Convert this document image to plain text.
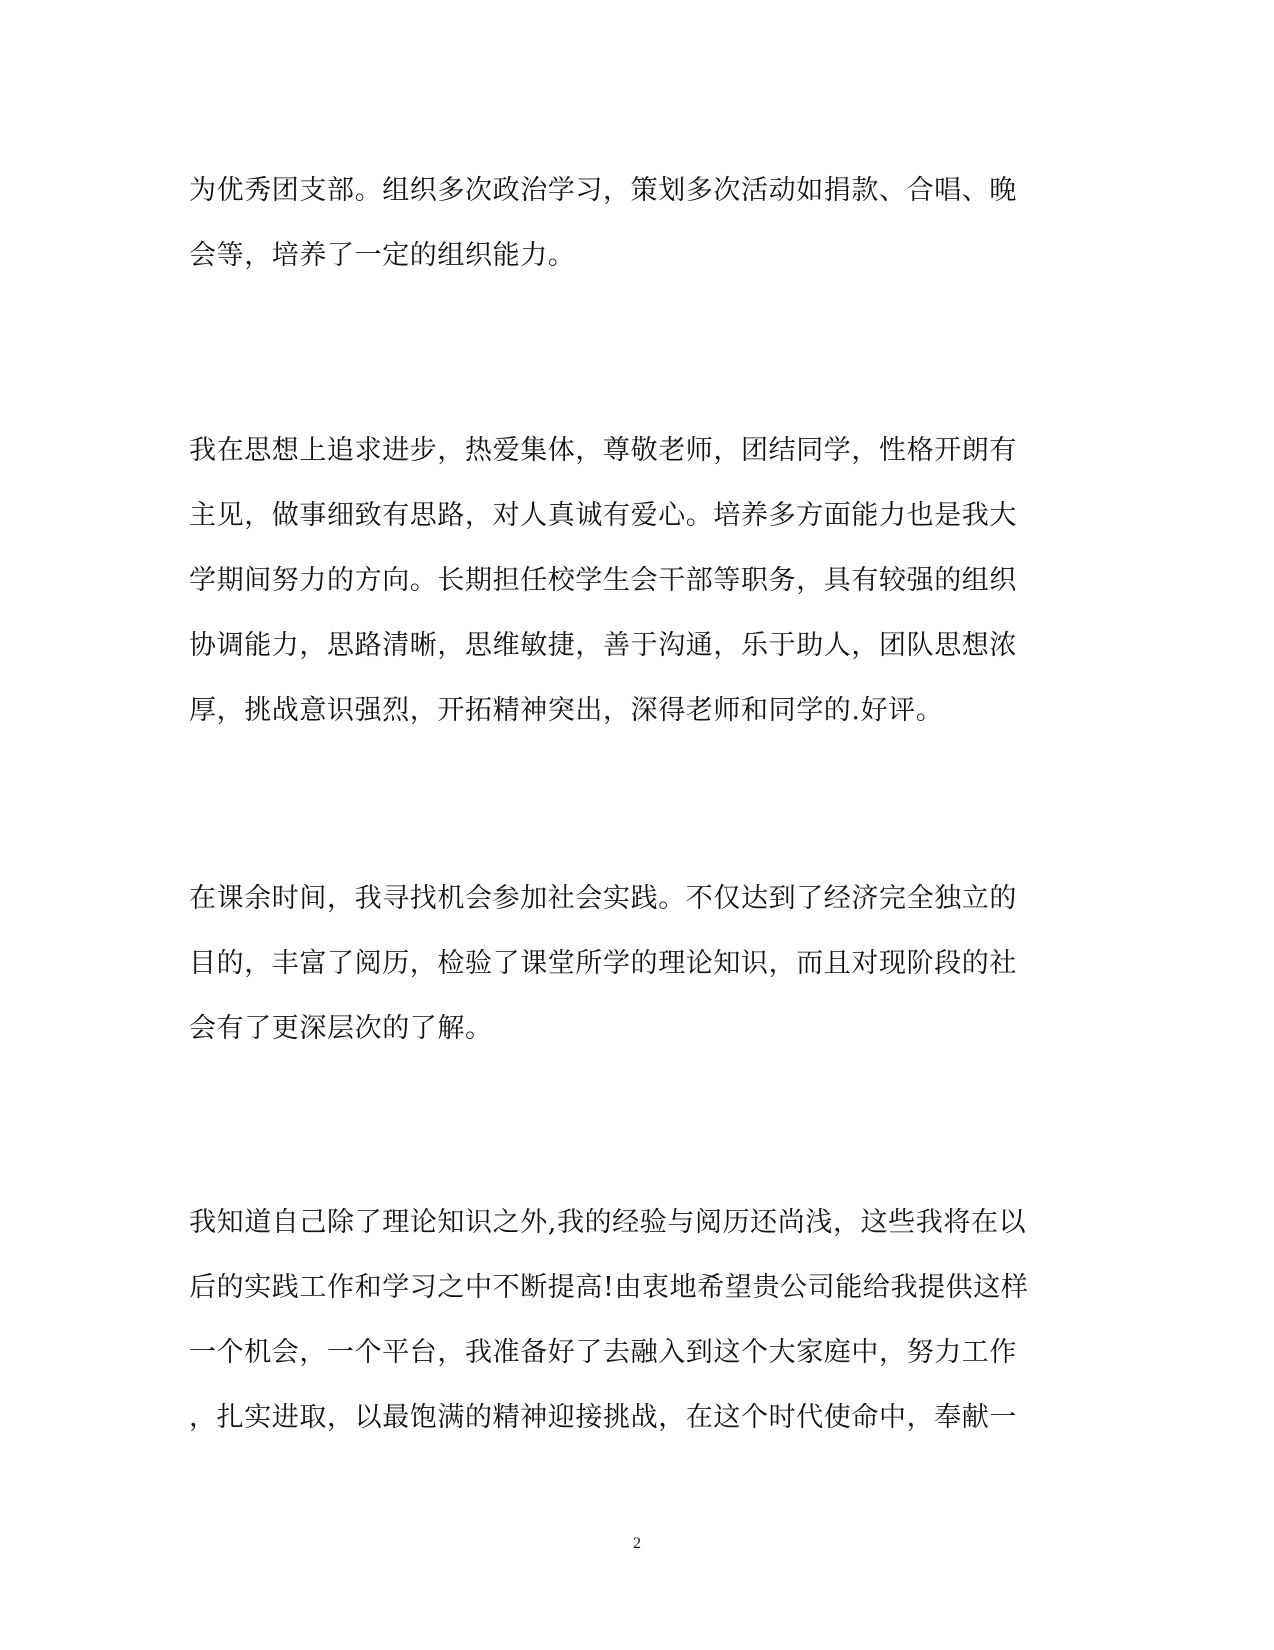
为优秀团支部。组织多次政治学习，策划多次活动如捐款、合唱、晚
会等，培养了一定的组织能力。
我在思想上追求进步，热爱集体，尊敬老师，团结同学，性格开朗有
主见，做事细致有思路，对人真诚有爱心。培养多方面能力也是我大
学期间努力的方向。长期担任校学生会干部等职务，具有较强的组织
协调能力，思路清晰，思维敏捷，善于沟通，乐于助人，团队思想浓
厚，挑战意识强烈，开拓精神突出，深得老师和同学的.好评。
在课余时间，我寻找机会参加社会实践。不仅达到了经济完全独立的
目的，丰富了阅历，检验了课堂所学的理论知识，而且对现阶段的社
会有了更深层次的了解。
我知道自己除了理论知识之外,我的经验与阅历还尚浅，这些我将在以
后的实践工作和学习之中不断提高!由衷地希望贵公司能给我提供这样
一个机会，一个平台，我准备好了去融入到这个大家庭中，努力工作
，扎实进取，以最饱满的精神迎接挑战，在这个时代使命中，奉献一
2
